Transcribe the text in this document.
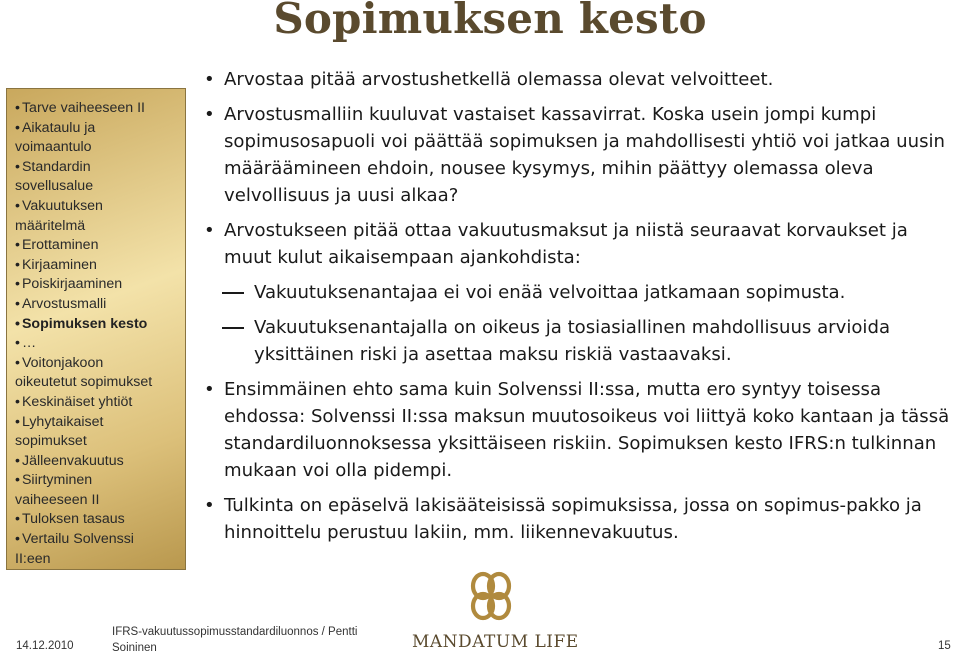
Sopimuksen kesto
• Tarve vaiheeseen II
• Aikataulu ja
voimaantulo
• Standardin
sovellusalue
• Vakuutuksen
määritelmä
• Erottaminen
• Kirjaaminen
• Poiskirjaaminen
• Arvostusmalli
• Sopimuksen kesto
• …
• Voitonjakoon
oikeutetut sopimukset
• Keskinäiset yhtiöt
• Lyhytaikaiset
sopimukset
• Jälleenvakuutus
• Siirtyminen
vaiheeseen II
• Tuloksen tasaus
• Vertailu Solvenssi
II:een
• Arvostaa pitää arvostushetkellä olemassa olevat velvoitteet.
• Arvostusmalliin kuuluvat vastaiset kassavirrat. Koska usein jompi kumpi sopimusosapuoli voi päättää sopimuksen ja mahdollisesti yhtiö voi jatkaa uusin määräämineen ehdoin, nousee kysymys, mihin päättyy olemassa oleva velvollisuus ja uusi alkaa?
• Arvostukseen pitää ottaa vakuutusmaksut ja niistä seuraavat korvaukset ja muut kulut aikaisempaan ajankohdista:
Vakuutuksenantajaa ei voi enää velvoittaa jatkamaan sopimusta.
Vakuutuksenantajalla on oikeus ja tosiasiallinen mahdollisuus arvioida yksittäinen riski ja asettaa maksu riskiä vastaavaksi.
• Ensimmäinen ehto sama kuin Solvenssi II:ssa, mutta ero syntyy toisessa ehdossa: Solvenssi II:ssa maksun muutosoikeus voi liittyä koko kantaan ja tässä standardiluonnoksessa yksittäiseen riskiin. Sopimuksen kesto IFRS:n tulkinnan mukaan voi olla pidempi.
• Tulkinta on epäselvä lakisääteisissä sopimuksissa, jossa on sopimus-pakko ja hinnoittelu perustuu lakiin, mm. liikennevakuutus.
14.12.2010
IFRS-vakuutussopimusstandardiluonnos / Pentti Soininen	15
MANDATUM LIFE
